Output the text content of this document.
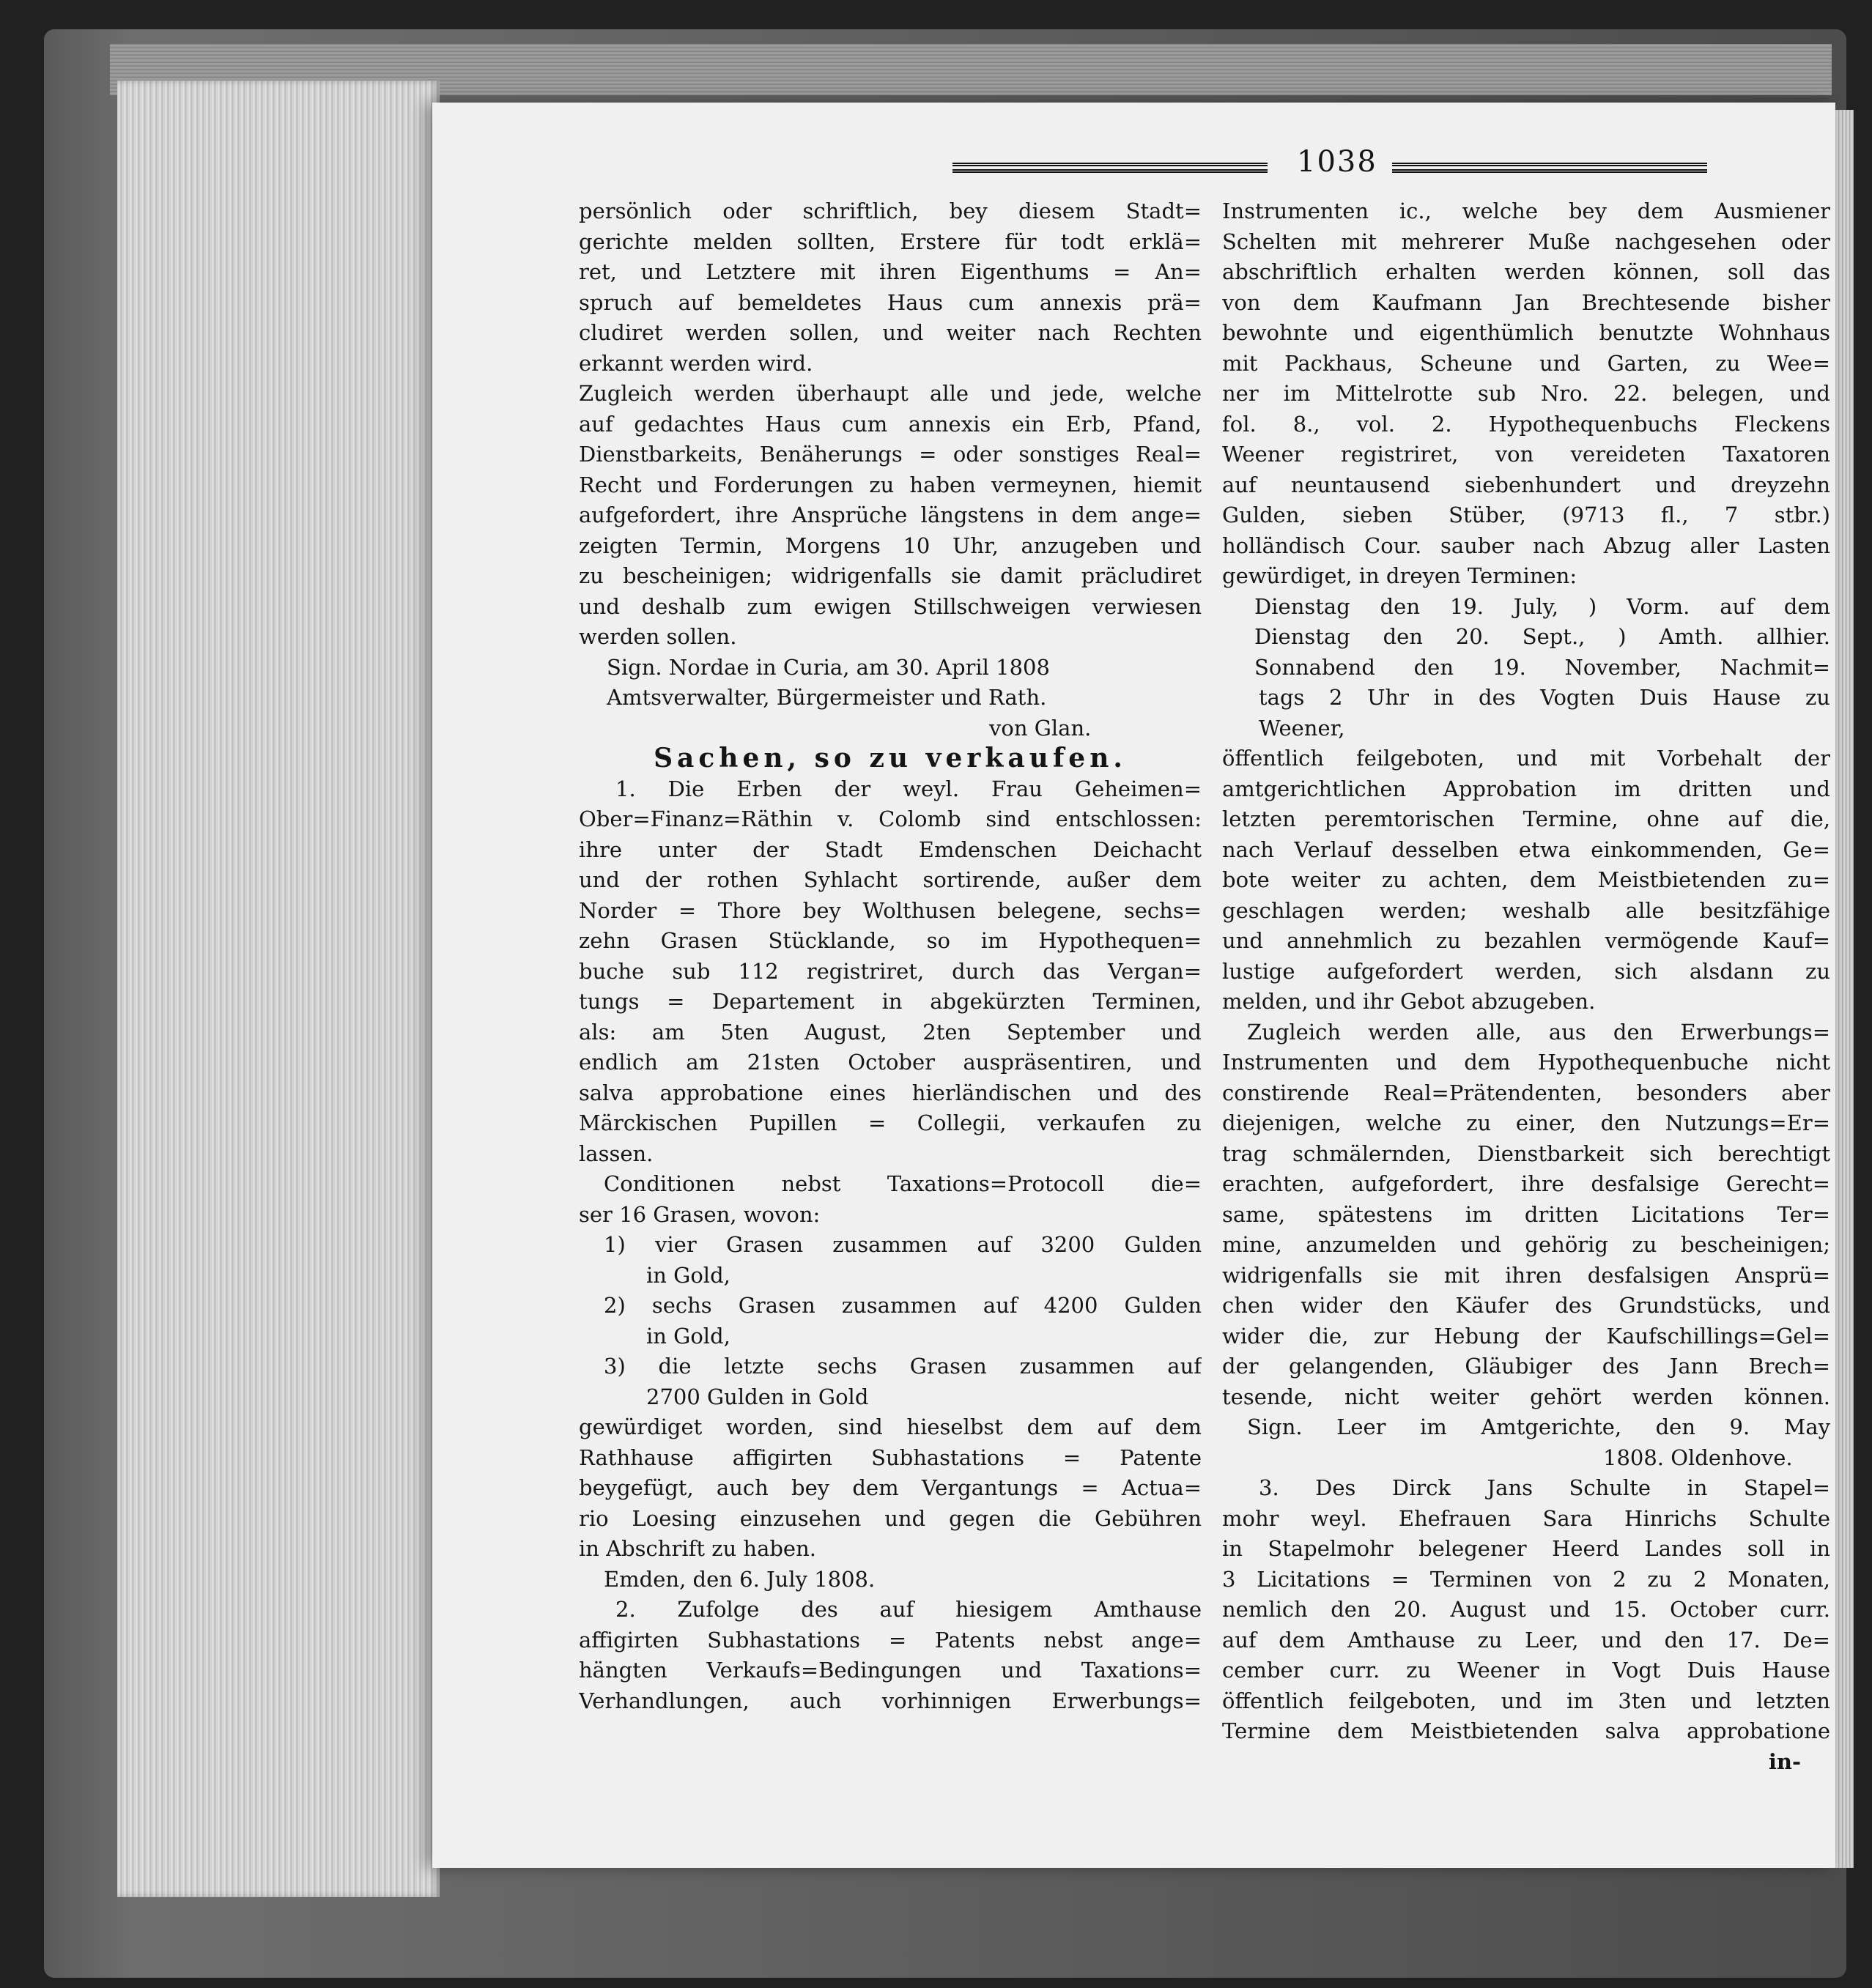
1038
persönlich oder schriftlich, bey diesem Stadt=
gerichte melden sollten, Erstere für todt erklä=
ret, und Letztere mit ihren Eigenthums = An=
spruch auf bemeldetes Haus cum annexis prä=
cludiret werden sollen, und weiter nach Rechten
erkannt werden wird.
Zugleich werden überhaupt alle und jede, welche
auf gedachtes Haus cum annexis ein Erb, Pfand,
Dienstbarkeits, Benäherungs = oder sonstiges Real=
Recht und Forderungen zu haben vermeynen, hiemit
aufgefordert, ihre Ansprüche längstens in dem ange=
zeigten Termin, Morgens 10 Uhr, anzugeben und
zu bescheinigen; widrigenfalls sie damit präcludiret
und deshalb zum ewigen Stillschweigen verwiesen
werden sollen.
Sign. Nordae in Curia, am 30. April 1808
Amtsverwalter, Bürgermeister und Rath.
von Glan.
Sachen, so zu verkaufen.
1. Die Erben der weyl. Frau Geheimen=
Ober=Finanz=Räthin v. Colomb sind entschlossen:
ihre unter der Stadt Emdenschen Deichacht
und der rothen Syhlacht sortirende, außer dem
Norder = Thore bey Wolthusen belegene, sechs=
zehn Grasen Stücklande, so im Hypothequen=
buche sub 112 registriret, durch das Vergan=
tungs = Departement in abgekürzten Terminen,
als: am 5ten August, 2ten September und
endlich am 21sten October auspräsentiren, und
salva approbatione eines hierländischen und des
Märckischen Pupillen = Collegii, verkaufen zu
lassen.
Conditionen nebst Taxations=Protocoll die=
ser 16 Grasen, wovon:
1) vier Grasen zusammen auf 3200 Gulden
in Gold,
2) sechs Grasen zusammen auf 4200 Gulden
in Gold,
3) die letzte sechs Grasen zusammen auf
2700 Gulden in Gold
gewürdiget worden, sind hieselbst dem auf dem
Rathhause affigirten Subhastations = Patente
beygefügt, auch bey dem Vergantungs = Actua=
rio Loesing einzusehen und gegen die Gebühren
in Abschrift zu haben.
Emden, den 6. July 1808.
2. Zufolge des auf hiesigem Amthause
affigirten Subhastations = Patents nebst ange=
hängten Verkaufs=Bedingungen und Taxations=
Verhandlungen, auch vorhinnigen Erwerbungs=
Instrumenten ic., welche bey dem Ausmiener
Schelten mit mehrerer Muße nachgesehen oder
abschriftlich erhalten werden können, soll das
von dem Kaufmann Jan Brechtesende bisher
bewohnte und eigenthümlich benutzte Wohnhaus
mit Packhaus, Scheune und Garten, zu Wee=
ner im Mittelrotte sub Nro. 22. belegen, und
fol. 8., vol. 2. Hypothequenbuchs Fleckens
Weener registriret, von vereideten Taxatoren
auf neuntausend siebenhundert und dreyzehn
Gulden, sieben Stüber, (9713 fl., 7 stbr.)
holländisch Cour. sauber nach Abzug aller Lasten
gewürdiget, in dreyen Terminen:
Dienstag den 19. July, ) Vorm. auf dem
Dienstag den 20. Sept., ) Amth. allhier.
Sonnabend den 19. November, Nachmit=
tags 2 Uhr in des Vogten Duis Hause zu
Weener,
öffentlich feilgeboten, und mit Vorbehalt der
amtgerichtlichen Approbation im dritten und
letzten peremtorischen Termine, ohne auf die,
nach Verlauf desselben etwa einkommenden, Ge=
bote weiter zu achten, dem Meistbietenden zu=
geschlagen werden; weshalb alle besitzfähige
und annehmlich zu bezahlen vermögende Kauf=
lustige aufgefordert werden, sich alsdann zu
melden, und ihr Gebot abzugeben.
Zugleich werden alle, aus den Erwerbungs=
Instrumenten und dem Hypothequenbuche nicht
constirende Real=Prätendenten, besonders aber
diejenigen, welche zu einer, den Nutzungs=Er=
trag schmälernden, Dienstbarkeit sich berechtigt
erachten, aufgefordert, ihre desfalsige Gerecht=
same, spätestens im dritten Licitations Ter=
mine, anzumelden und gehörig zu bescheinigen;
widrigenfalls sie mit ihren desfalsigen Ansprü=
chen wider den Käufer des Grundstücks, und
wider die, zur Hebung der Kaufschillings=Gel=
der gelangenden, Gläubiger des Jann Brech=
tesende, nicht weiter gehört werden können.
Sign. Leer im Amtgerichte, den 9. May
1808. Oldenhove.
3. Des Dirck Jans Schulte in Stapel=
mohr weyl. Ehefrauen Sara Hinrichs Schulte
in Stapelmohr belegener Heerd Landes soll in
3 Licitations = Terminen von 2 zu 2 Monaten,
nemlich den 20. August und 15. October curr.
auf dem Amthause zu Leer, und den 17. De=
cember curr. zu Weener in Vogt Duis Hause
öffentlich feilgeboten, und im 3ten und letzten
Termine dem Meistbietenden salva approbatione
in-
